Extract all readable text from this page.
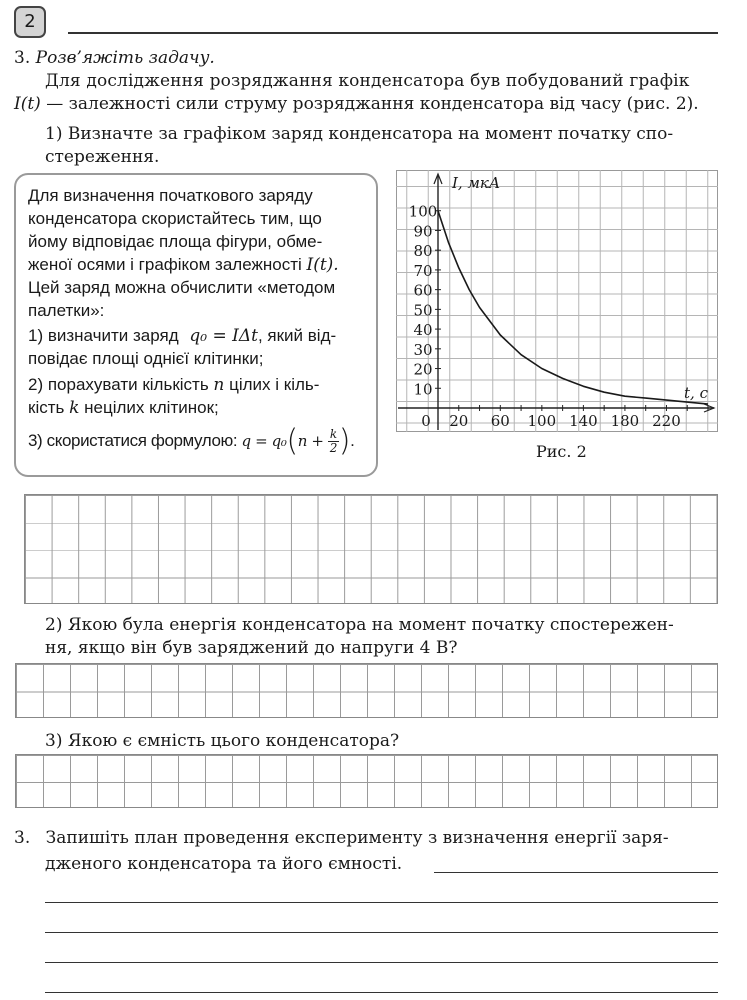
2
3. Розв’яжіть задачу.
Для дослідження розряджання конденсатора був побудований графік
I(t) — залежності сили струму розряджання конденсатора від часу (рис. 2).
1) Визначте за графіком заряд конденсатора на момент початку спо-
стереження.
Для визначення початкового заряду
конденсатора скористайтесь тим, що
йому відповідає площа фігури, обме-
женої осями і графіком залежності I(t).
Цей заряд можна обчислити «методом
палетки»:
1) визначити заряд q₀ = IΔt, який від-
повідає площі однієї клітинки;
2) порахувати кількість n цілих і кіль-
кість k нецілих клітинок;
3) скористатися формулою: $q = q_0(n + \frac{k}{2}$ ).
10
20
30
40
50
60
70
80
90
100
0 20 60 100 140 180 220
I, мкА
t, с
Рис. 2
2) Якою була енергія конденсатора на момент початку спостережен-
ня, якщо він був заряджений до напруги 4 В?
3) Якою є ємність цього конденсатора?
3. Запишіть план проведення експерименту з визначення енергії заря-
дженого конденсатора та його ємності.
